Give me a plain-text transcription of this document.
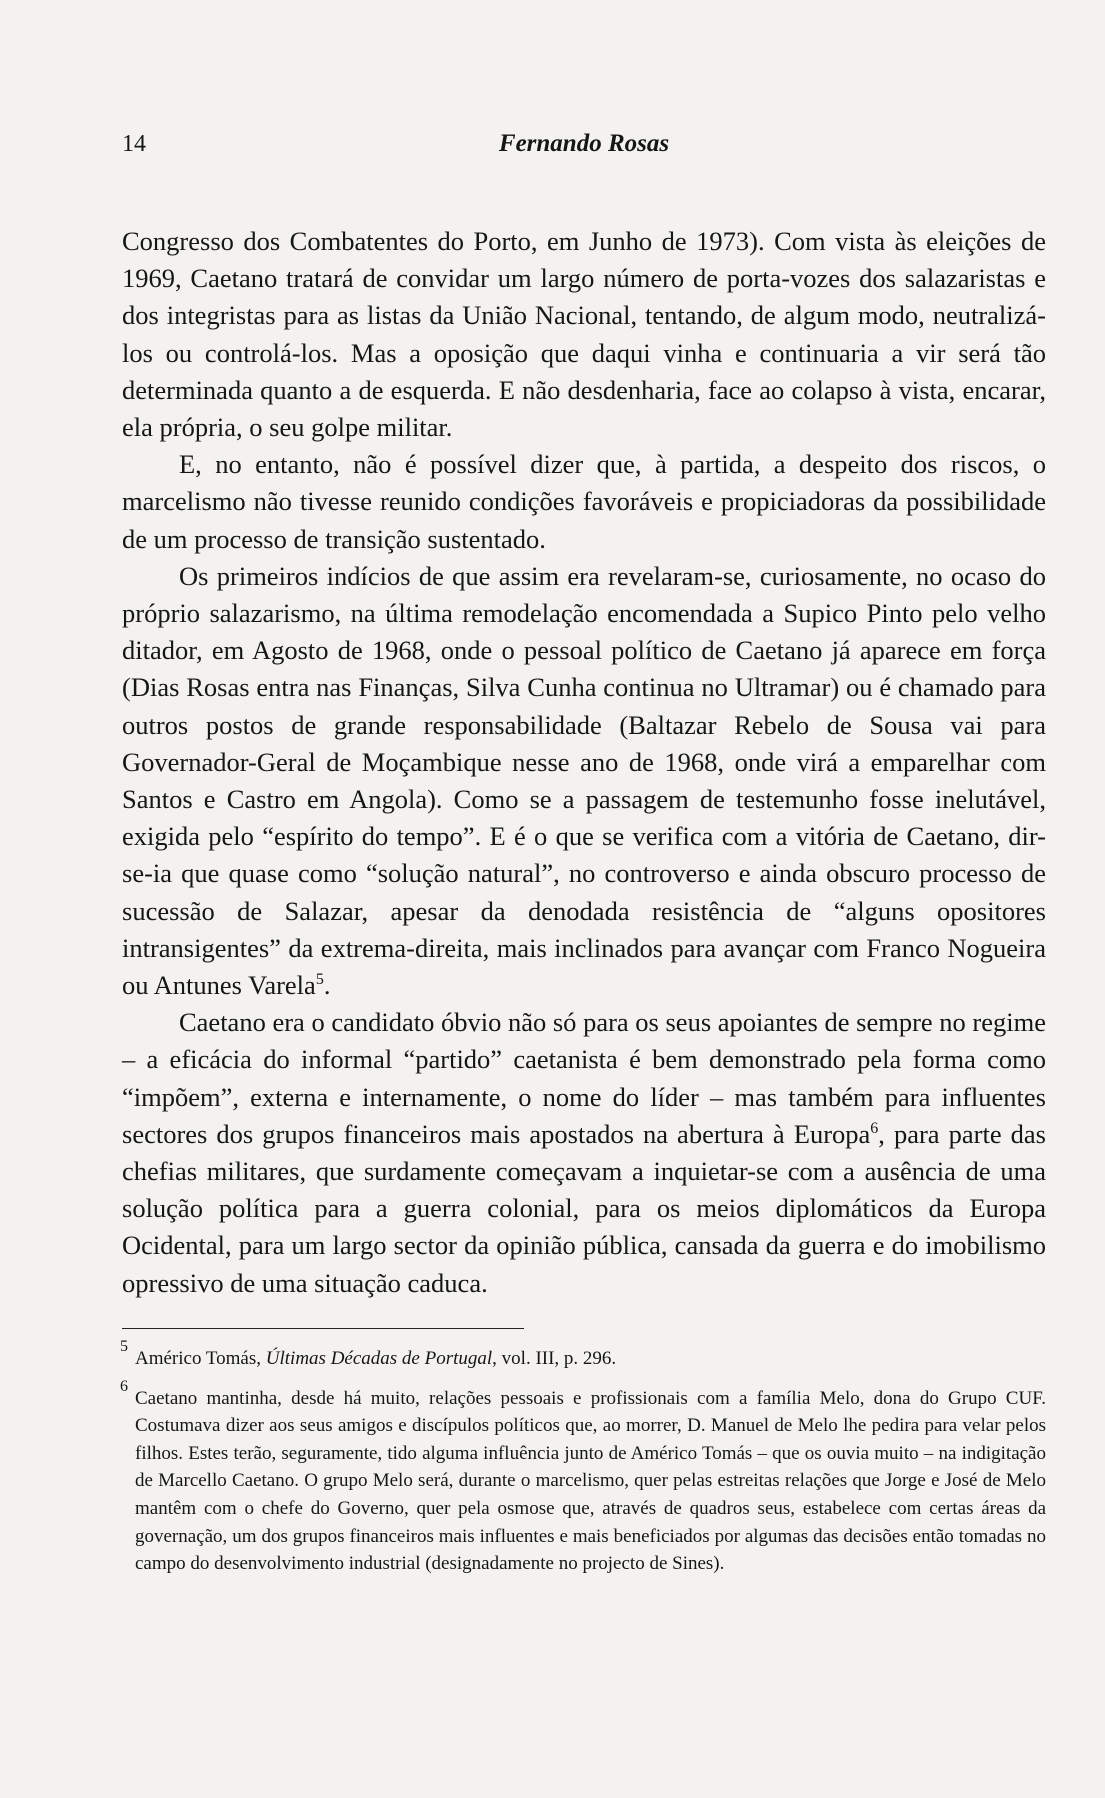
14	Fernando Rosas

Congresso dos Combatentes do Porto, em Junho de 1973). Com vista às eleições de 1969, Caetano tratará de convidar um largo número de porta-vozes dos salazaristas e dos integristas para as listas da União Nacional, tentando, de algum modo, neutralizá-los ou controlá-los. Mas a oposição que daqui vinha e continuaria a vir será tão determinada quanto a de esquerda. E não desdenharia, face ao colapso à vista, encarar, ela própria, o seu golpe militar.

E, no entanto, não é possível dizer que, à partida, a despeito dos riscos, o marcelismo não tivesse reunido condições favoráveis e propiciadoras da possibilidade de um processo de transição sustentado.

Os primeiros indícios de que assim era revelaram-se, curiosamente, no ocaso do próprio salazarismo, na última remodelação encomendada a Supico Pinto pelo velho ditador, em Agosto de 1968, onde o pessoal político de Caetano já aparece em força (Dias Rosas entra nas Finanças, Silva Cunha continua no Ultramar) ou é chamado para outros postos de grande responsabilidade (Baltazar Rebelo de Sousa vai para Governador-Geral de Moçambique nesse ano de 1968, onde virá a emparelhar com Santos e Castro em Angola). Como se a passagem de testemunho fosse inelutável, exigida pelo “espírito do tempo”. E é o que se verifica com a vitória de Caetano, dir-se-ia que quase como “solução natural”, no controverso e ainda obscuro processo de sucessão de Salazar, apesar da denodada resistência de “alguns opositores intransigentes” da extrema-direita, mais inclinados para avançar com Franco Nogueira ou Antunes Varela$^5$.

Caetano era o candidato óbvio não só para os seus apoiantes de sempre no regime – a eficácia do informal “partido” caetanista é bem demonstrado pela forma como “impõem”, externa e internamente, o nome do líder – mas também para influentes sectores dos grupos financeiros mais apostados na abertura à Europa$^6$, para parte das chefias militares, que surdamente começavam a inquietar-se com a ausência de uma solução política para a guerra colonial, para os meios diplomáticos da Europa Ocidental, para um largo sector da opinião pública, cansada da guerra e do imobilismo opressivo de uma situação caduca.

5
Américo Tomás, Últimas Décadas de Portugal, vol. III, p. 296.
6
Caetano mantinha, desde há muito, relações pessoais e profissionais com a família Melo, dona do Grupo CUF. Costumava dizer aos seus amigos e discípulos políticos que, ao morrer, D. Manuel de Melo lhe pedira para velar pelos filhos. Estes terão, seguramente, tido alguma influência junto de Américo Tomás – que os ouvia muito – na indigitação de Marcello Caetano. O grupo Melo será, durante o marcelismo, quer pelas estreitas relações que Jorge e José de Melo mantêm com o chefe do Governo, quer pela osmose que, através de quadros seus, estabelece com certas áreas da governação, um dos grupos financeiros mais influentes e mais beneficiados por algumas das decisões então tomadas no campo do desenvolvimento industrial (designadamente no projecto de Sines).
